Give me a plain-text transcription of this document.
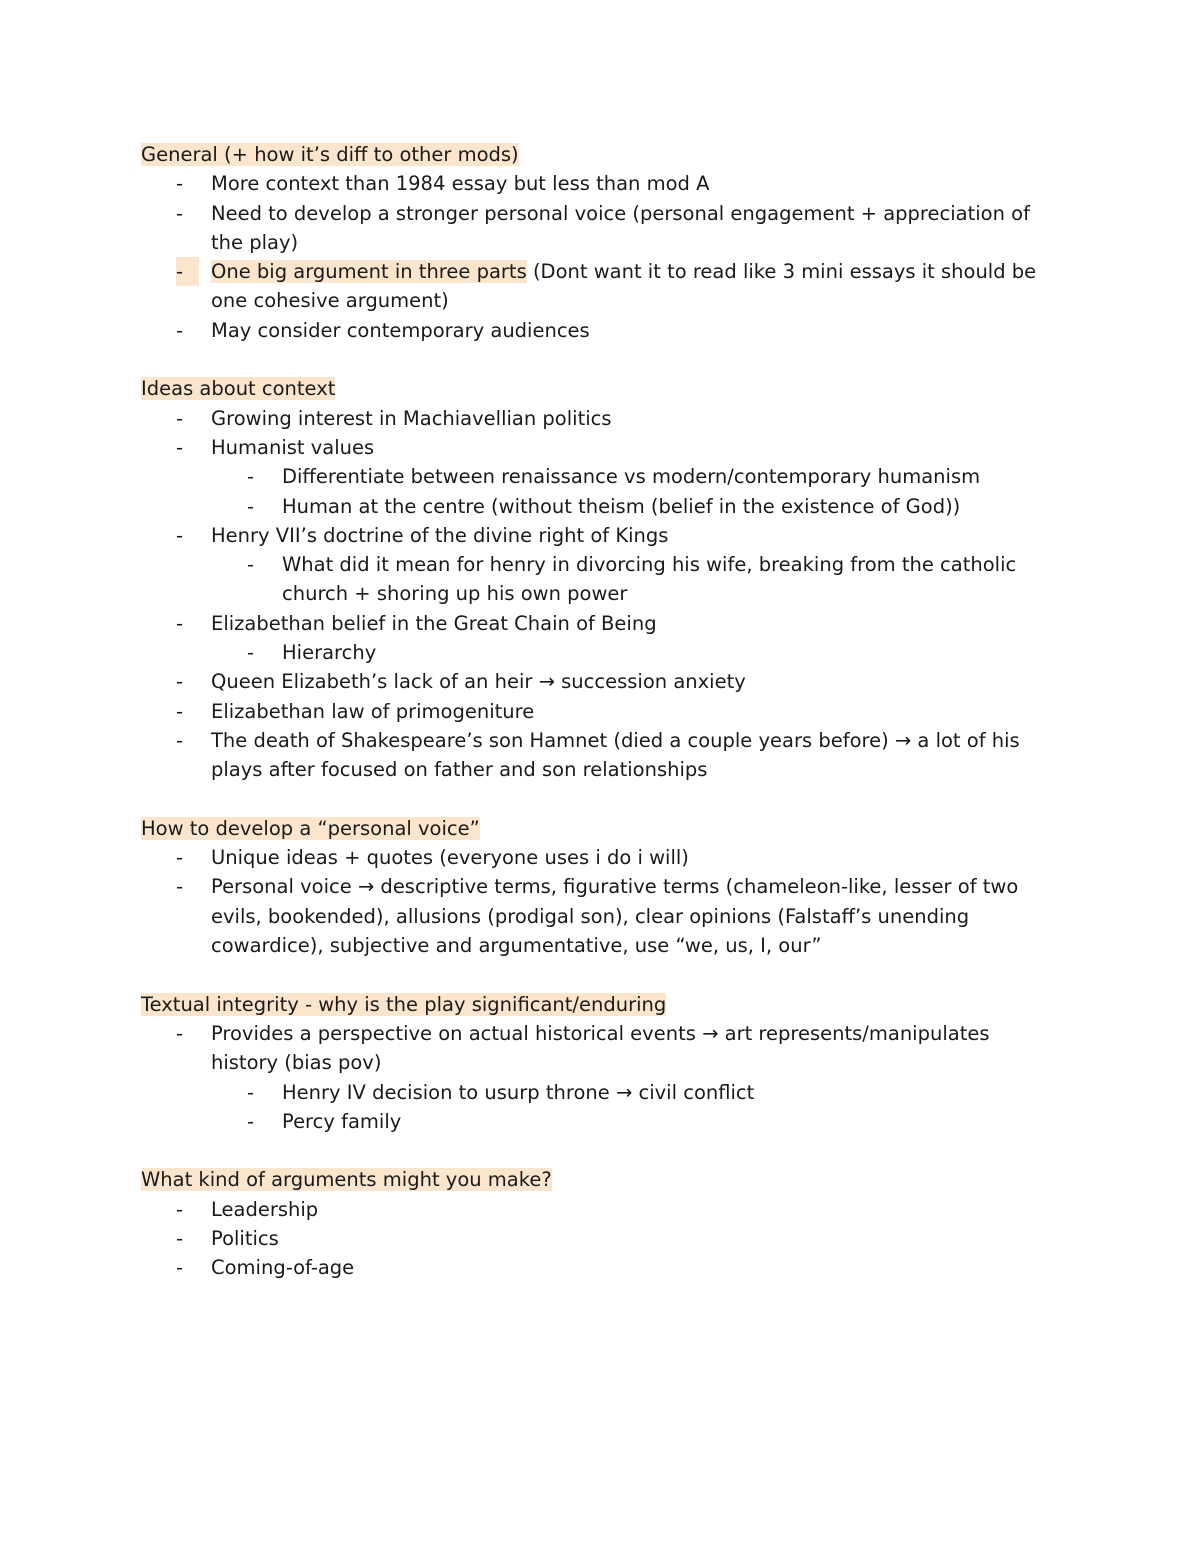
General (+ how it’s diff to other mods)
- More context than 1984 essay but less than mod A
- Need to develop a stronger personal voice (personal engagement + appreciation of the play)
-	One big argument in three parts (Dont want it to read like 3 mini essays it should be one cohesive argument)
- May consider contemporary audiences
Ideas about context
- Growing interest in Machiavellian politics
- Humanist values
- Differentiate between renaissance vs modern/contemporary humanism
- Human at the centre (without theism (belief in the existence of God))
- Henry VII’s doctrine of the divine right of Kings
- What did it mean for henry in divorcing his wife, breaking from the catholic church + shoring up his own power
- Elizabethan belief in the Great Chain of Being
- Hierarchy
- Queen Elizabeth’s lack of an heir → succession anxiety
- Elizabethan law of primogeniture
- The death of Shakespeare’s son Hamnet (died a couple years before) → a lot of his plays after focused on father and son relationships
How to develop a “personal voice”
- Unique ideas + quotes (everyone uses i do i will)
- Personal voice → descriptive terms, figurative terms (chameleon-like, lesser of two evils, bookended), allusions (prodigal son), clear opinions (Falstaff’s unending cowardice), subjective and argumentative, use “we, us, I, our”
Textual integrity - why is the play significant/enduring
- Provides a perspective on actual historical events → art represents/manipulates history (bias pov)
- Henry IV decision to usurp throne → civil conflict
- Percy family
What kind of arguments might you make?
- Leadership
- Politics
- Coming-of-age
